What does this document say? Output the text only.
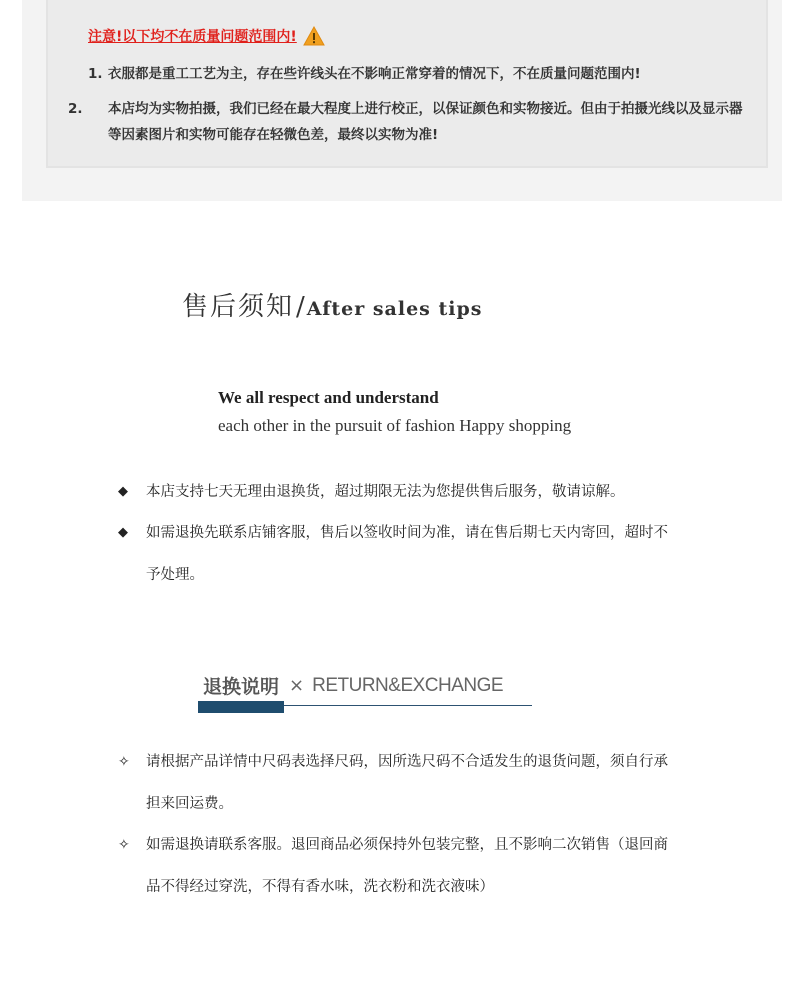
注意!以下均不在质量问题范围内!
1. 衣服都是重工工艺为主，存在些许线头在不影响正常穿着的情况下，不在质量问题范围内!
2. 本店均为实物拍摄，我们已经在最大程度上进行校正，以保证颜色和实物接近。但由于拍摄光线以及显示器等因素图片和实物可能存在轻微色差，最终以实物为准!
售后须知 / After sales tips
We all respect and understand
each other in the pursuit of fashion Happy shopping
◆	本店支持七天无理由退换货，超过期限无法为您提供售后服务，敬请谅解。
◆	如需退换先联系店铺客服，售后以签收时间为准，请在售后期七天内寄回，超时不予处理。
退换说明 × RETURN&EXCHANGE
✧	请根据产品详情中尺码表选择尺码，因所选尺码不合适发生的退货问题，须自行承担来回运费。
✧	如需退换请联系客服。退回商品必须保持外包装完整，且不影响二次销售（退回商品不得经过穿洗，不得有香水味，洗衣粉和洗衣液味）
